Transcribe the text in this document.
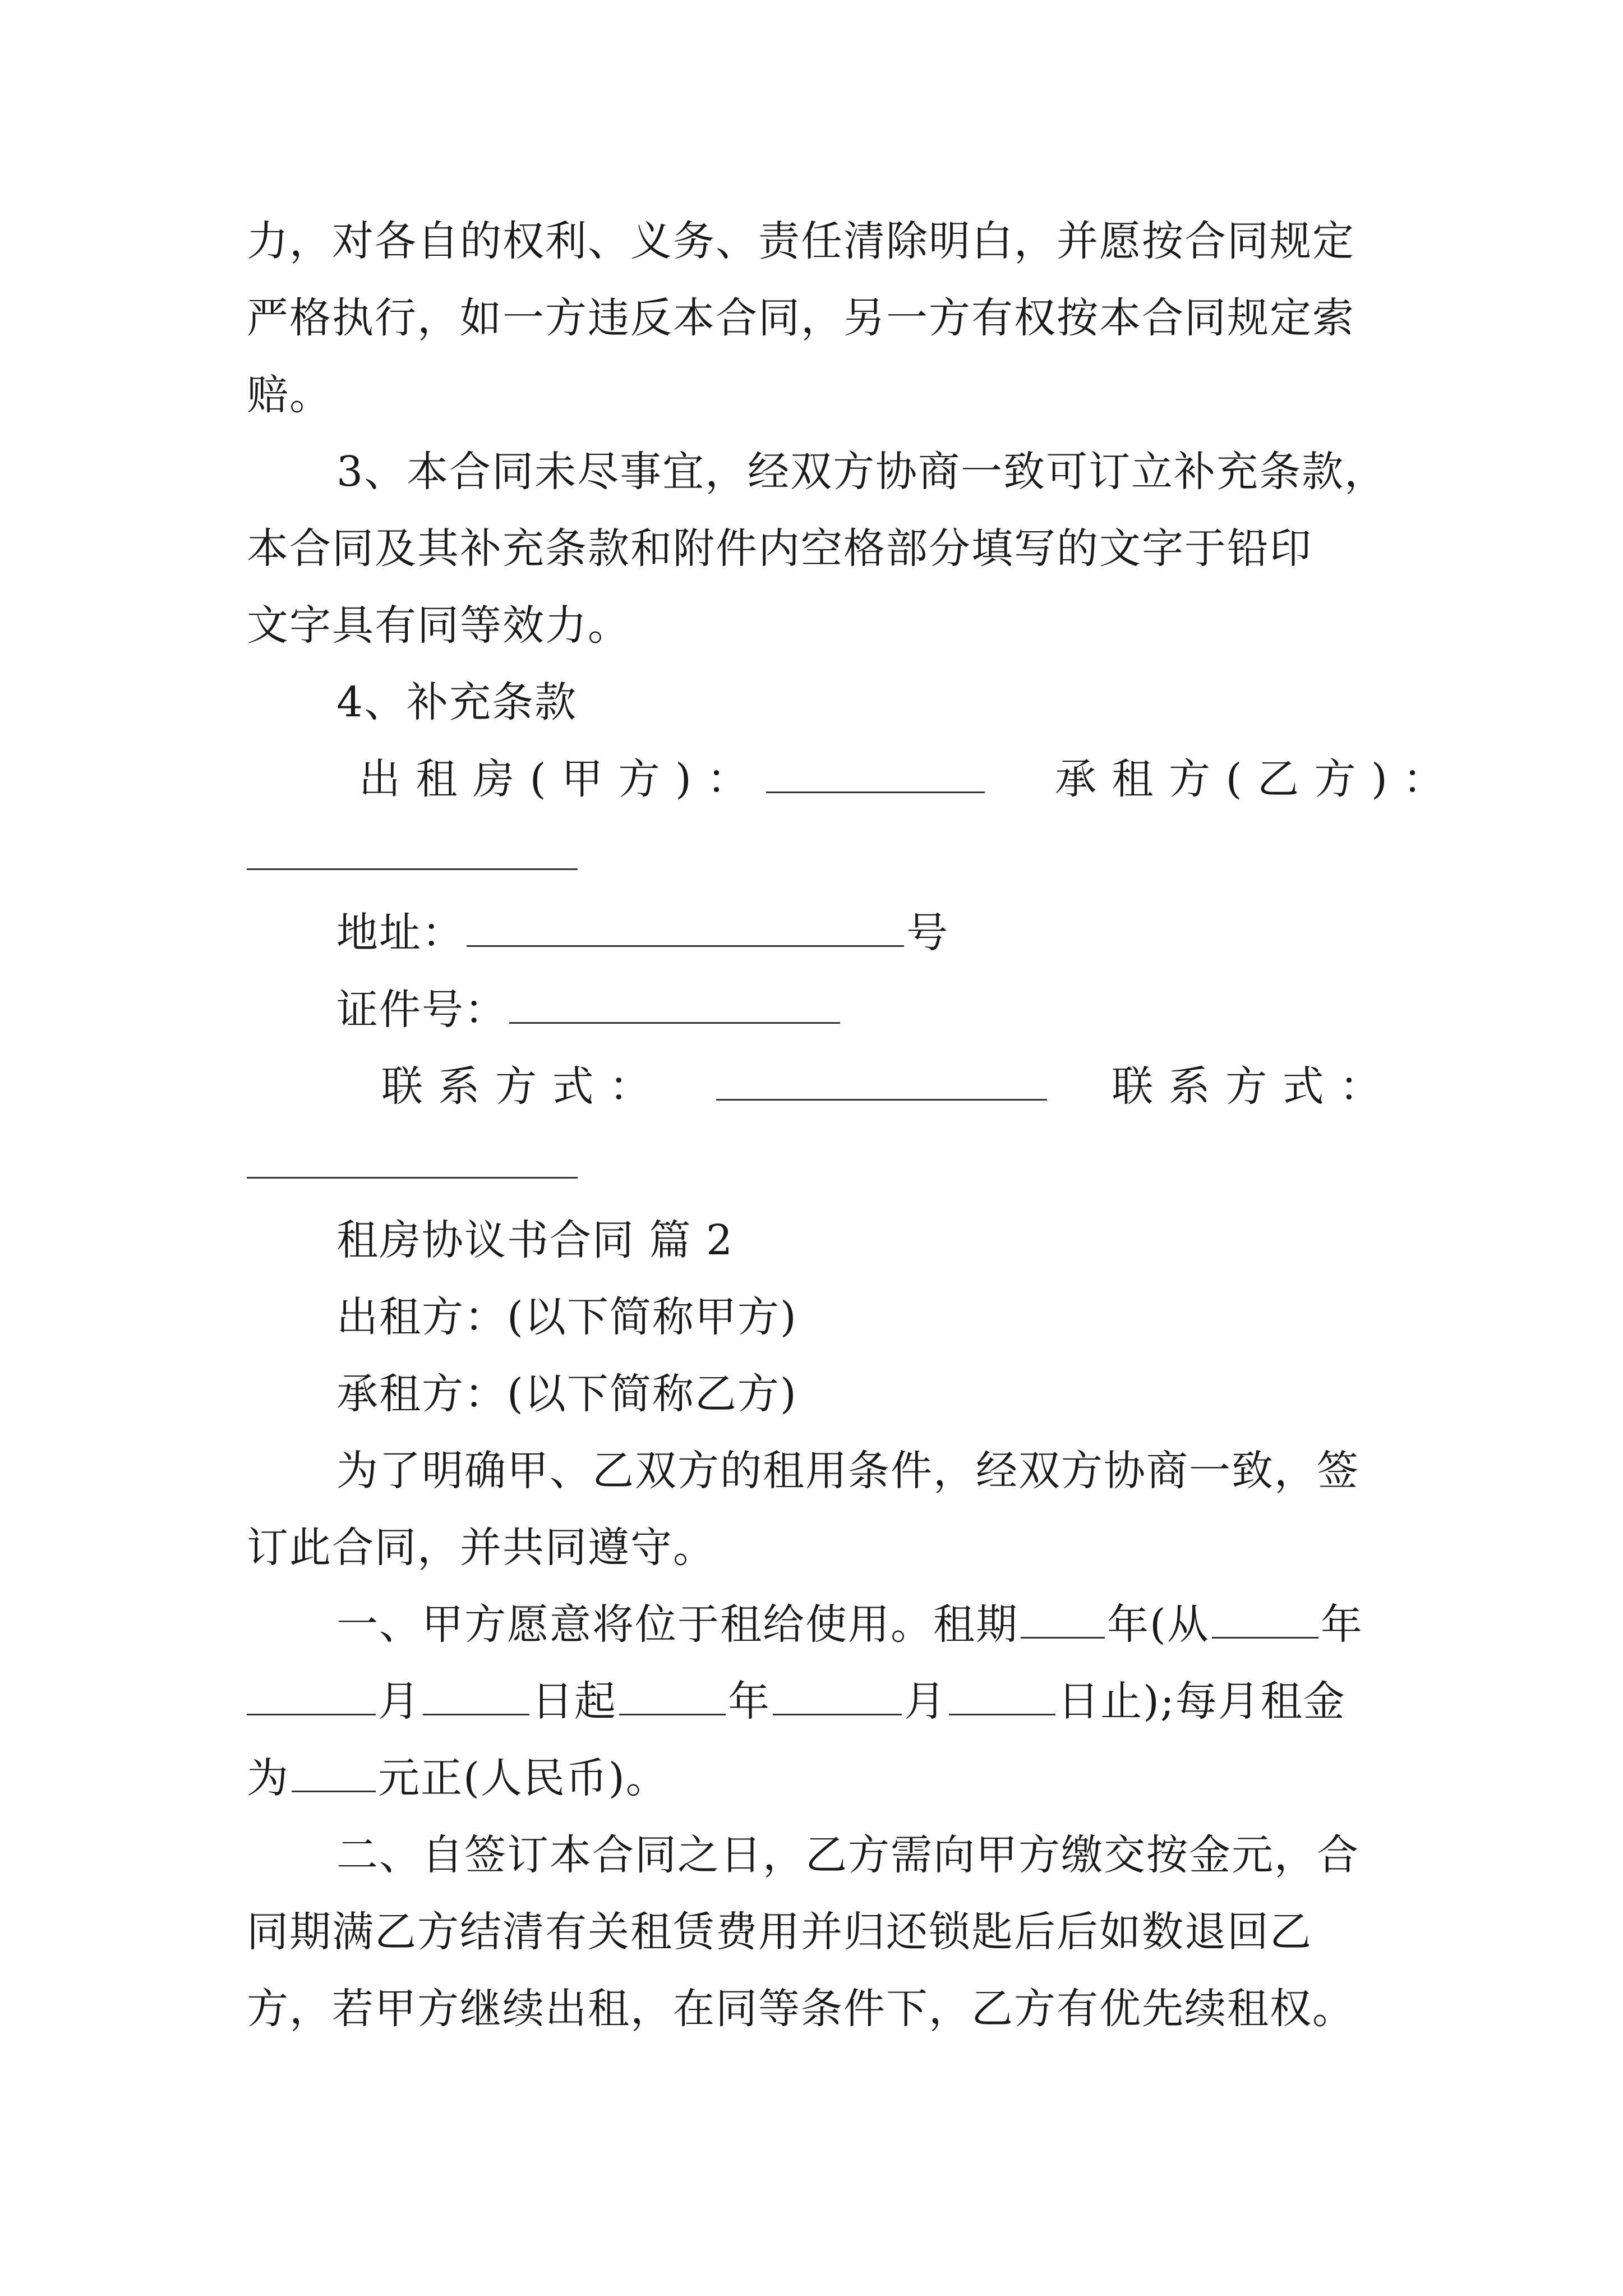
力，对各自的权利、义务、责任清除明白，并愿按合同规定
严格执行，如一方违反本合同，另一方有权按本合同规定索
赔。
3、本合同未尽事宜，经双方协商一致可订立补充条款，
本合同及其补充条款和附件内空格部分填写的文字于铅印
文字具有同等效力。
4、补充条款
出 租 房 ( 甲 方 ) ：	承 租 方 ( 乙 方 ) ：
地址：	号
证件号：
联 系 方 式 ：	联 系 方 式 ：
租房协议书合同 篇 2
出租方：(以下简称甲方)
承租方：(以下简称乙方)
为了明确甲、乙双方的租用条件，经双方协商一致，签
订此合同，并共同遵守。
一、甲方愿意将位于租给使用。租期 年(从	年
月	日起	年	月	日止);每月租金
为 元正(人民币)。
二、自签订本合同之日，乙方需向甲方缴交按金元，合
同期满乙方结清有关租赁费用并归还锁匙后后如数退回乙
方，若甲方继续出租，在同等条件下，乙方有优先续租权。
